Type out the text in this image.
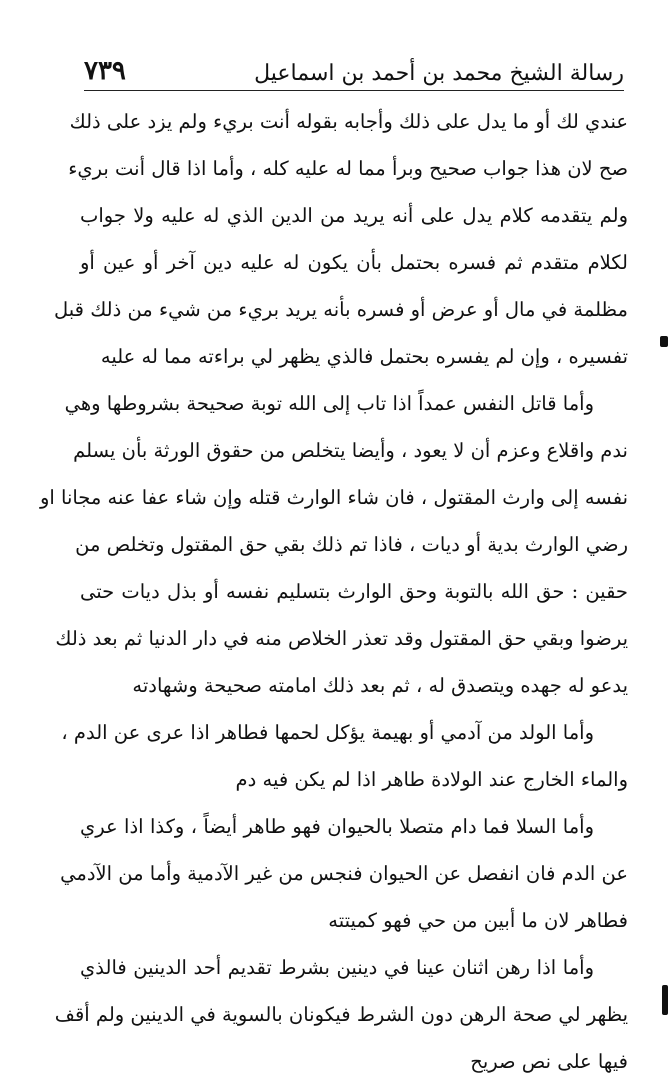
رسالة الشيخ محمد بن أحمد بن اسماعيل
٧٣٩
عندي لك أو ما يدل على ذلك وأجابه بقوله أنت بريء ولم يزد على ذلك
صح لان هذا جواب صحيح وبرأ مما له عليه كله ، وأما اذا قال أنت بريء
ولم يتقدمه كلام يدل على أنه يريد من الدين الذي له عليه ولا جواب
لكلام متقدم ثم فسره بحتمل بأن يكون له عليه دين آخر أو عين أو
مظلمة في مال أو عرض أو فسره بأنه يريد بريء من شيء من ذلك قبل
تفسيره ، وإن لم يفسره بحتمل فالذي يظهر لي براءته مما له عليه
وأما قاتل النفس عمداً اذا تاب إلى الله توبة صحيحة بشروطها وهي
ندم واقلاع وعزم أن لا يعود ، وأيضا يتخلص من حقوق الورثة بأن يسلم
نفسه إلى وارث المقتول ، فان شاء الوارث قتله وإن شاء عفا عنه مجانا او
رضي الوارث بدية أو ديات ، فاذا تم ذلك بقي حق المقتول وتخلص من
حقين : حق الله بالتوبة وحق الوارث بتسليم نفسه أو بذل ديات حتى
يرضوا وبقي حق المقتول وقد تعذر الخلاص منه في دار الدنيا ثم بعد ذلك
يدعو له جهده ويتصدق له ، ثم بعد ذلك امامته صحيحة وشهادته
وأما الولد من آدمي أو بهيمة يؤكل لحمها فطاهر اذا عرى عن الدم ،
والماء الخارج عند الولادة طاهر اذا لم يكن فيه دم
وأما السلا فما دام متصلا بالحيوان فهو طاهر أيضاً ، وكذا اذا عري
عن الدم فان انفصل عن الحيوان فنجس من غير الآدمية وأما من الآدمي
فطاهر لان ما أبين من حي فهو كميتته
وأما اذا رهن اثنان عينا في دينين بشرط تقديم أحد الدينين فالذي
يظهر لي صحة الرهن دون الشرط فيكونان بالسوية في الدينين ولم أقف
فيها على نص صريح
